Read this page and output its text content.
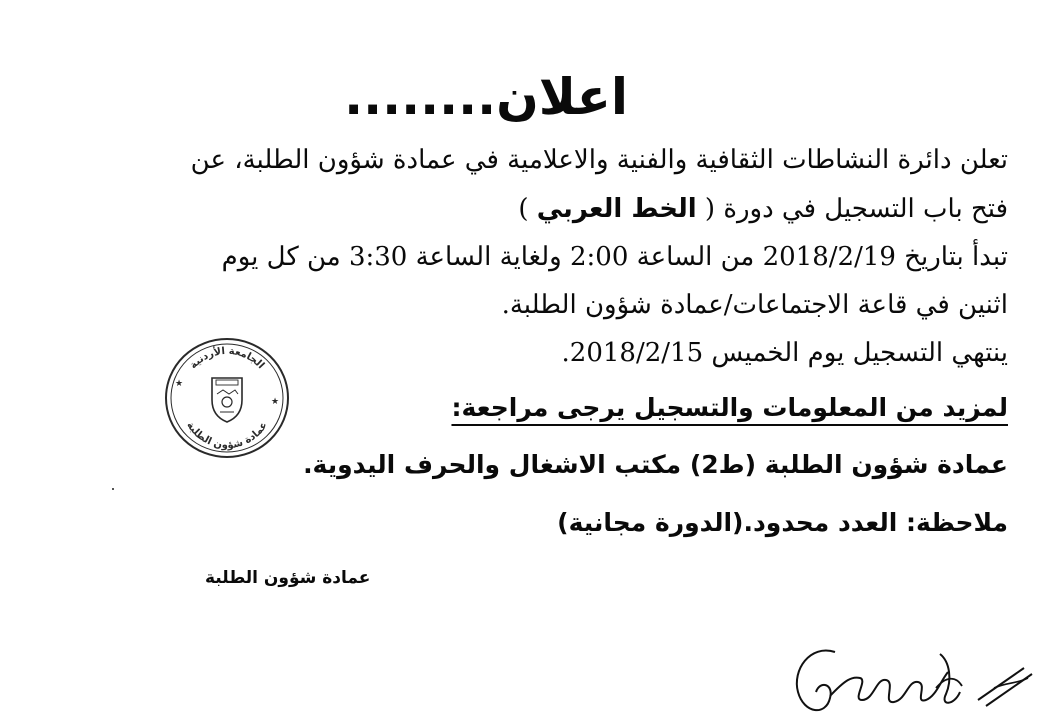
اعلان........
تعلن دائرة النشاطات الثقافية والفنية والاعلامية في عمادة شؤون الطلبة، عن
فتح باب التسجيل في دورة ( الخط العربي )
تبدأ بتاريخ 2018/2/19 من الساعة 2:00 ولغاية الساعة 3:30 من كل يوم
اثنين في قاعة الاجتماعات/عمادة شؤون الطلبة.
ينتهي التسجيل يوم الخميس 2018/2/15.
لمزيد من المعلومات والتسجيل يرجى مراجعة:
عمادة شؤون الطلبة (ط2) مكتب الاشغال والحرف اليدوية.
ملاحظة: العدد محدود.(الدورة مجانية)
عمادة شؤون الطلبة
الجامعة الأردنية
عمادة شؤون الطلبة
★
★
